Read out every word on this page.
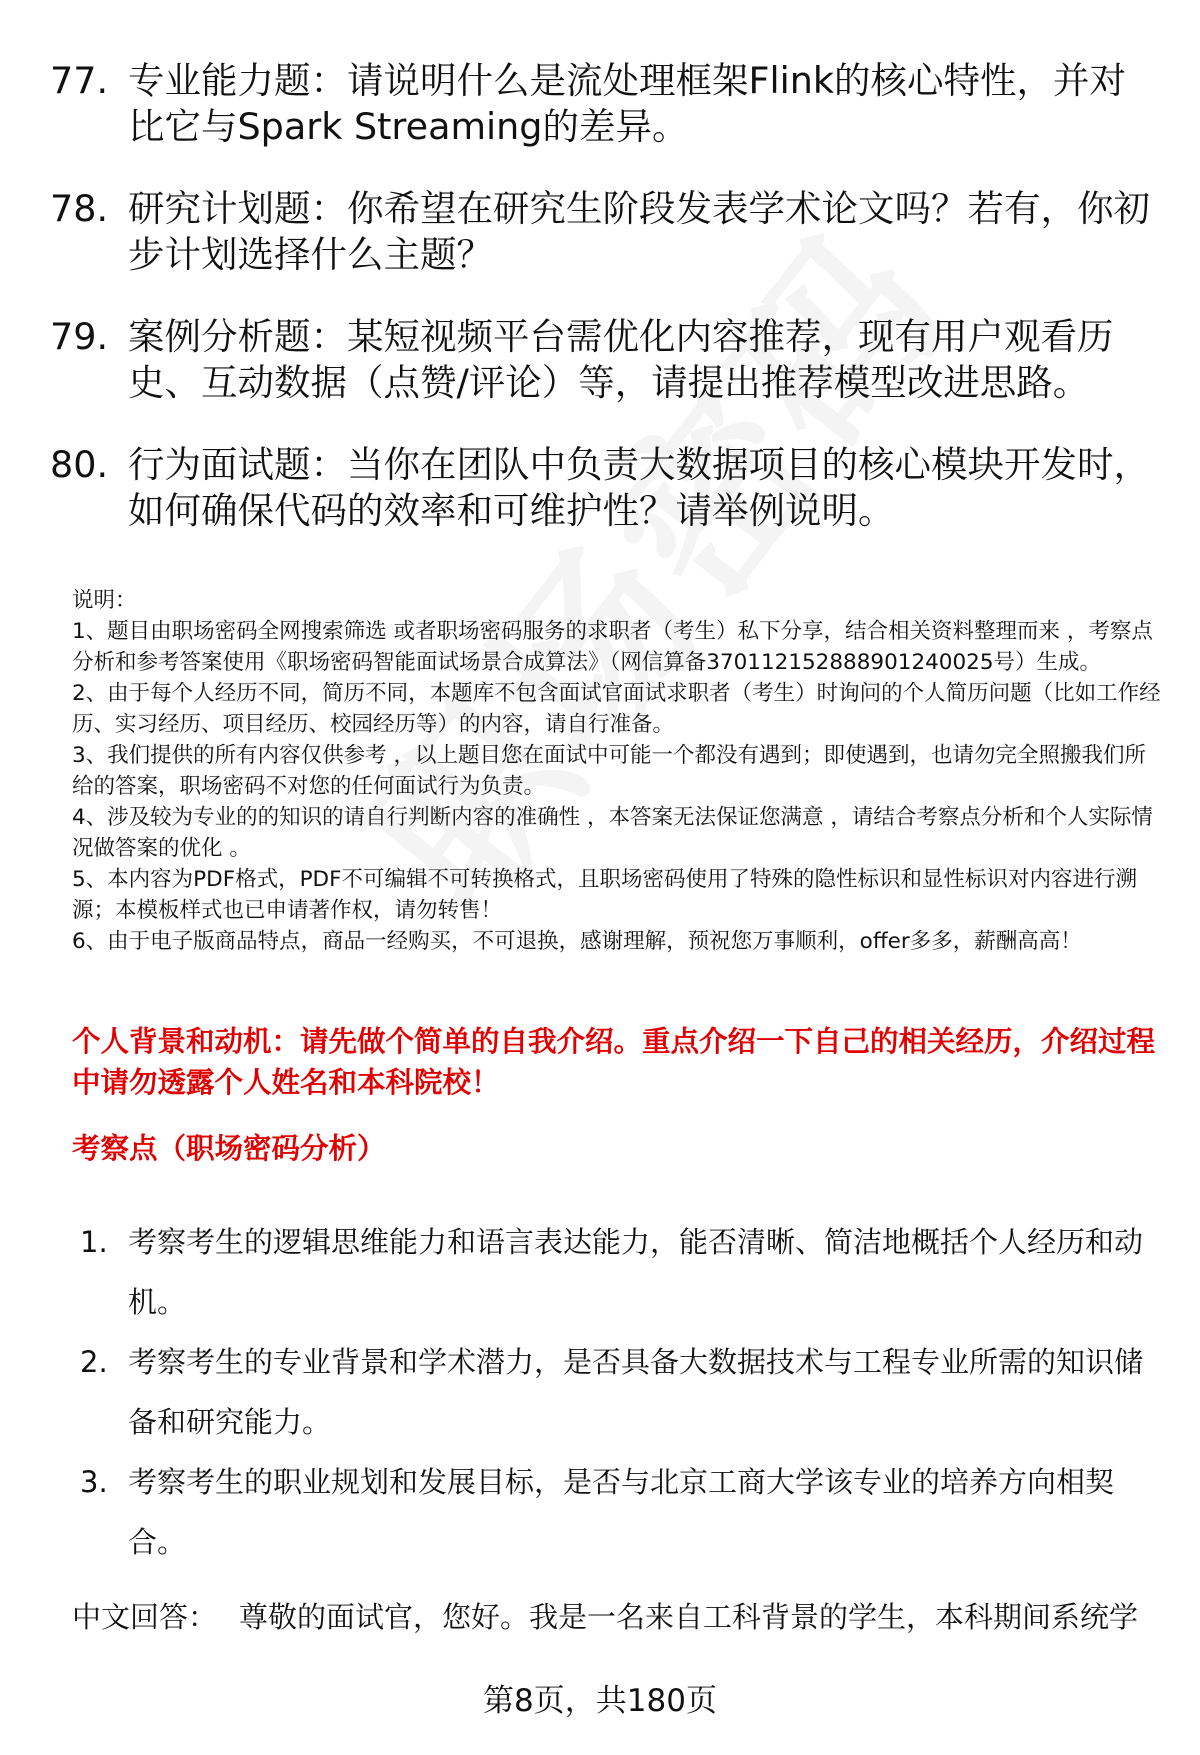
77. 专业能力题：请说明什么是流处理框架Flink的核心特性，并对比它与Spark Streaming的差异。
78. 研究计划题：你希望在研究生阶段发表学术论文吗？若有，你初步计划选择什么主题？
79. 案例分析题：某短视频平台需优化内容推荐，现有用户观看历史、互动数据（点赞/评论）等，请提出推荐模型改进思路。
80. 行为面试题：当你在团队中负责大数据项目的核心模块开发时，如何确保代码的效率和可维护性？请举例说明。

说明：

1、题目由职场密码全网搜索筛选 或者职场密码服务的求职者（考生）私下分享，结合相关资料整理而来 ，考察点分析和参考答案使用《职场密码智能面试场景合成算法》（网信算备370112152888901240025号）生成。

2、由于每个人经历不同，简历不同，本题库不包含面试官面试求职者（考生）时询问的个人简历问题（比如工作经历、实习经历、项目经历、校园经历等）的内容，请自行准备。

3、我们提供的所有内容仅供参考 ，以上题目您在面试中可能一个都没有遇到；即使遇到，也请勿完全照搬我们所给的答案，职场密码不对您的任何面试行为负责。

4、涉及较为专业的的知识的请自行判断内容的准确性 ，本答案无法保证您满意 ，请结合考察点分析和个人实际情况做答案的优化 。

5、本内容为PDF格式，PDF不可编辑不可转换格式，且职场密码使用了特殊的隐性标识和显性标识对内容进行溯源；本模板样式也已申请著作权，请勿转售！

6、由于电子版商品特点，商品一经购买，不可退换，感谢理解，预祝您万事顺利，offer多多，薪酬高高！

个人背景和动机：请先做个简单的自我介绍。重点介绍一下自己的相关经历，介绍过程中请勿透露个人姓名和本科院校！
考察点（职场密码分析）
1. 考察考生的逻辑思维能力和语言表达能力，能否清晰、简洁地概括个人经历和动机。
2. 考察考生的专业背景和学术潜力，是否具备大数据技术与工程专业所需的知识储备和研究能力。
3. 考察考生的职业规划和发展目标，是否与北京工商大学该专业的培养方向相契合。
中文回答： 尊敬的面试官，您好。我是一名来自工科背景的学生，本科期间系统学
第8页，共180页
